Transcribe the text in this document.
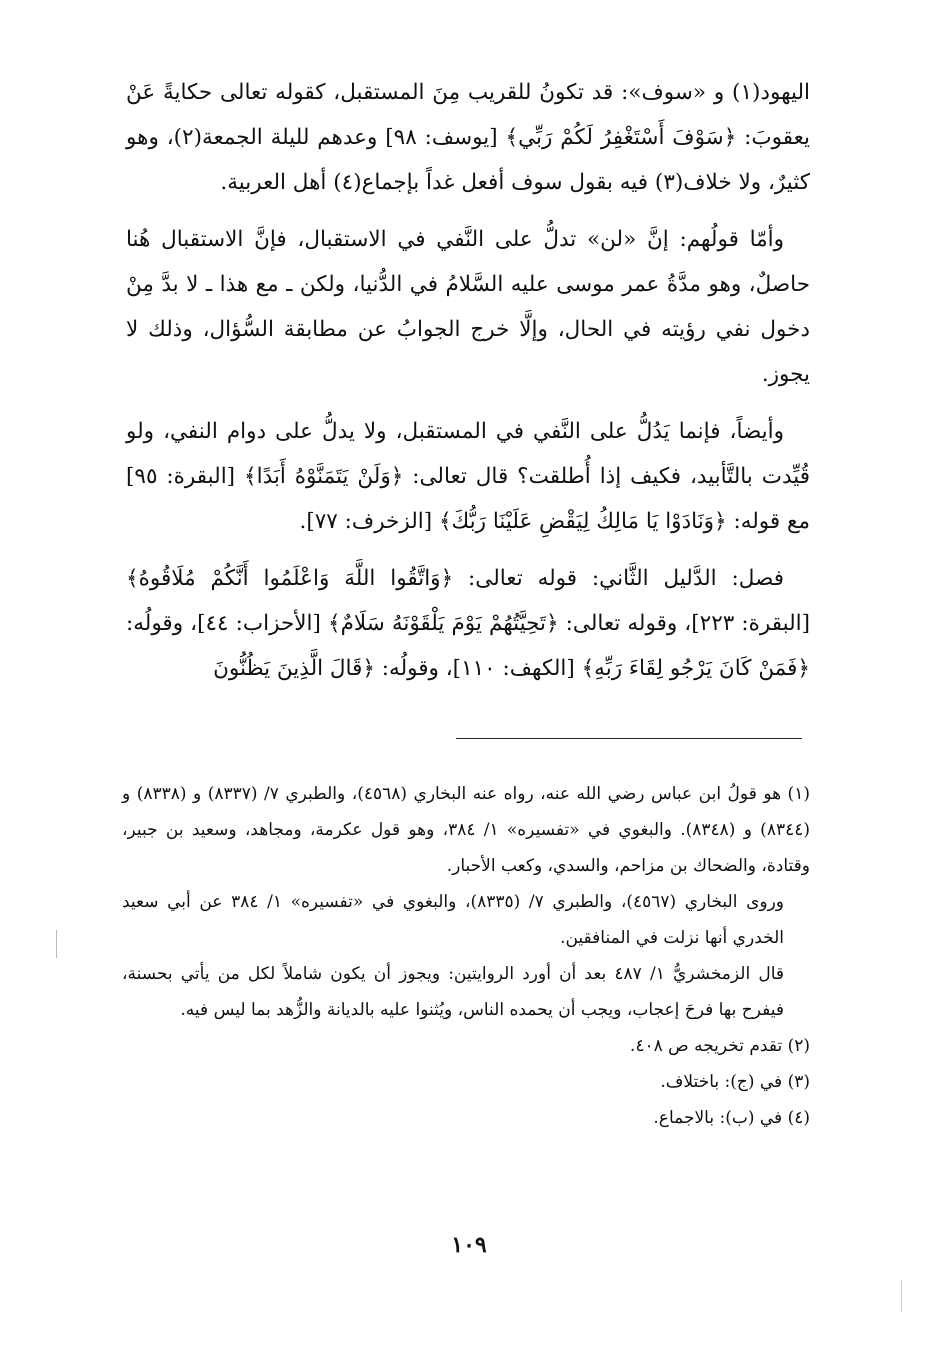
اليهود(١) و «سوف»: قد تكونُ للقريب مِنَ المستقبل، كقوله تعالى حكايةً عَنْ يعقوبَ: ﴿سَوْفَ أَسْتَغْفِرُ لَكُمْ رَبِّي﴾ [يوسف: ٩٨] وعدهم لليلة الجمعة(٢)، وهو كثيرٌ، ولا خلاف(٣) فيه بقول سوف أفعل غداً بإجماع(٤) أهل العربية.

وأمّا قولُهم: إنَّ «لن» تدلُّ على النَّفي في الاستقبال، فإنَّ الاستقبال هُنا حاصلٌ، وهو مدَّةُ عمر موسى عليه السَّلامُ في الدُّنيا، ولكن ـ مع هذا ـ لا بدَّ مِنْ دخول نفي رؤيته في الحال، وإلَّا خرج الجوابُ عن مطابقة السُّؤال، وذلك لا يجوز.

وأيضاً، فإنما يَدُلُّ على النَّفي في المستقبل، ولا يدلُّ على دوام النفي، ولو قُيِّدت بالتَّأبيد، فكيف إذا أُطلقت؟ قال تعالى: ﴿وَلَنْ يَتَمَنَّوْهُ أَبَدًا﴾ [البقرة: ٩٥] مع قوله: ﴿وَنَادَوْا يَا مَالِكُ لِيَقْضِ عَلَيْنَا رَبُّكَ﴾ [الزخرف: ٧٧].

فصل: الدَّليل الثَّاني: قوله تعالى: ﴿وَاتَّقُوا اللَّهَ وَاعْلَمُوا أَنَّكُمْ مُلَاقُوهُ﴾ [البقرة: ٢٢٣]، وقوله تعالى: ﴿تَحِيَّتُهُمْ يَوْمَ يَلْقَوْنَهُ سَلَامٌ﴾ [الأحزاب: ٤٤]، وقولُه: ﴿فَمَنْ كَانَ يَرْجُو لِقَاءَ رَبِّهِ﴾ [الكهف: ١١٠]، وقولُه: ﴿قَالَ الَّذِينَ يَظُنُّونَ

(١) هو قولُ ابن عباس رضي الله عنه، رواه عنه البخاري (٤٥٦٨)، والطبري ٧/ (٨٣٣٧) و (٨٣٣٨) و (٨٣٤٤) و (٨٣٤٨). والبغوي في «تفسيره» ١/ ٣٨٤، وهو قول عكرمة، ومجاهد، وسعيد بن جبير، وقتادة، والضحاك بن مزاحم، والسدي، وكعب الأحبار.

وروى البخاري (٤٥٦٧)، والطبري ٧/ (٨٣٣٥)، والبغوي في «تفسيره» ١/ ٣٨٤ عن أبي سعيد الخدري أنها نزلت في المنافقين.

قال الزمخشريُّ ١/ ٤٨٧ بعد أن أورد الروايتين: ويجوز أن يكون شاملاً لكل من يأتي بحسنة، فيفرح بها فرحَ إعجاب، ويجب أن يحمده الناس، ويُثنوا عليه بالديانة والزُّهد بما ليس فيه.

(٢) تقدم تخريجه ص ٤٠٨.

(٣) في (ج): باختلاف.

(٤) في (ب): بالاجماع.

١٠٩
